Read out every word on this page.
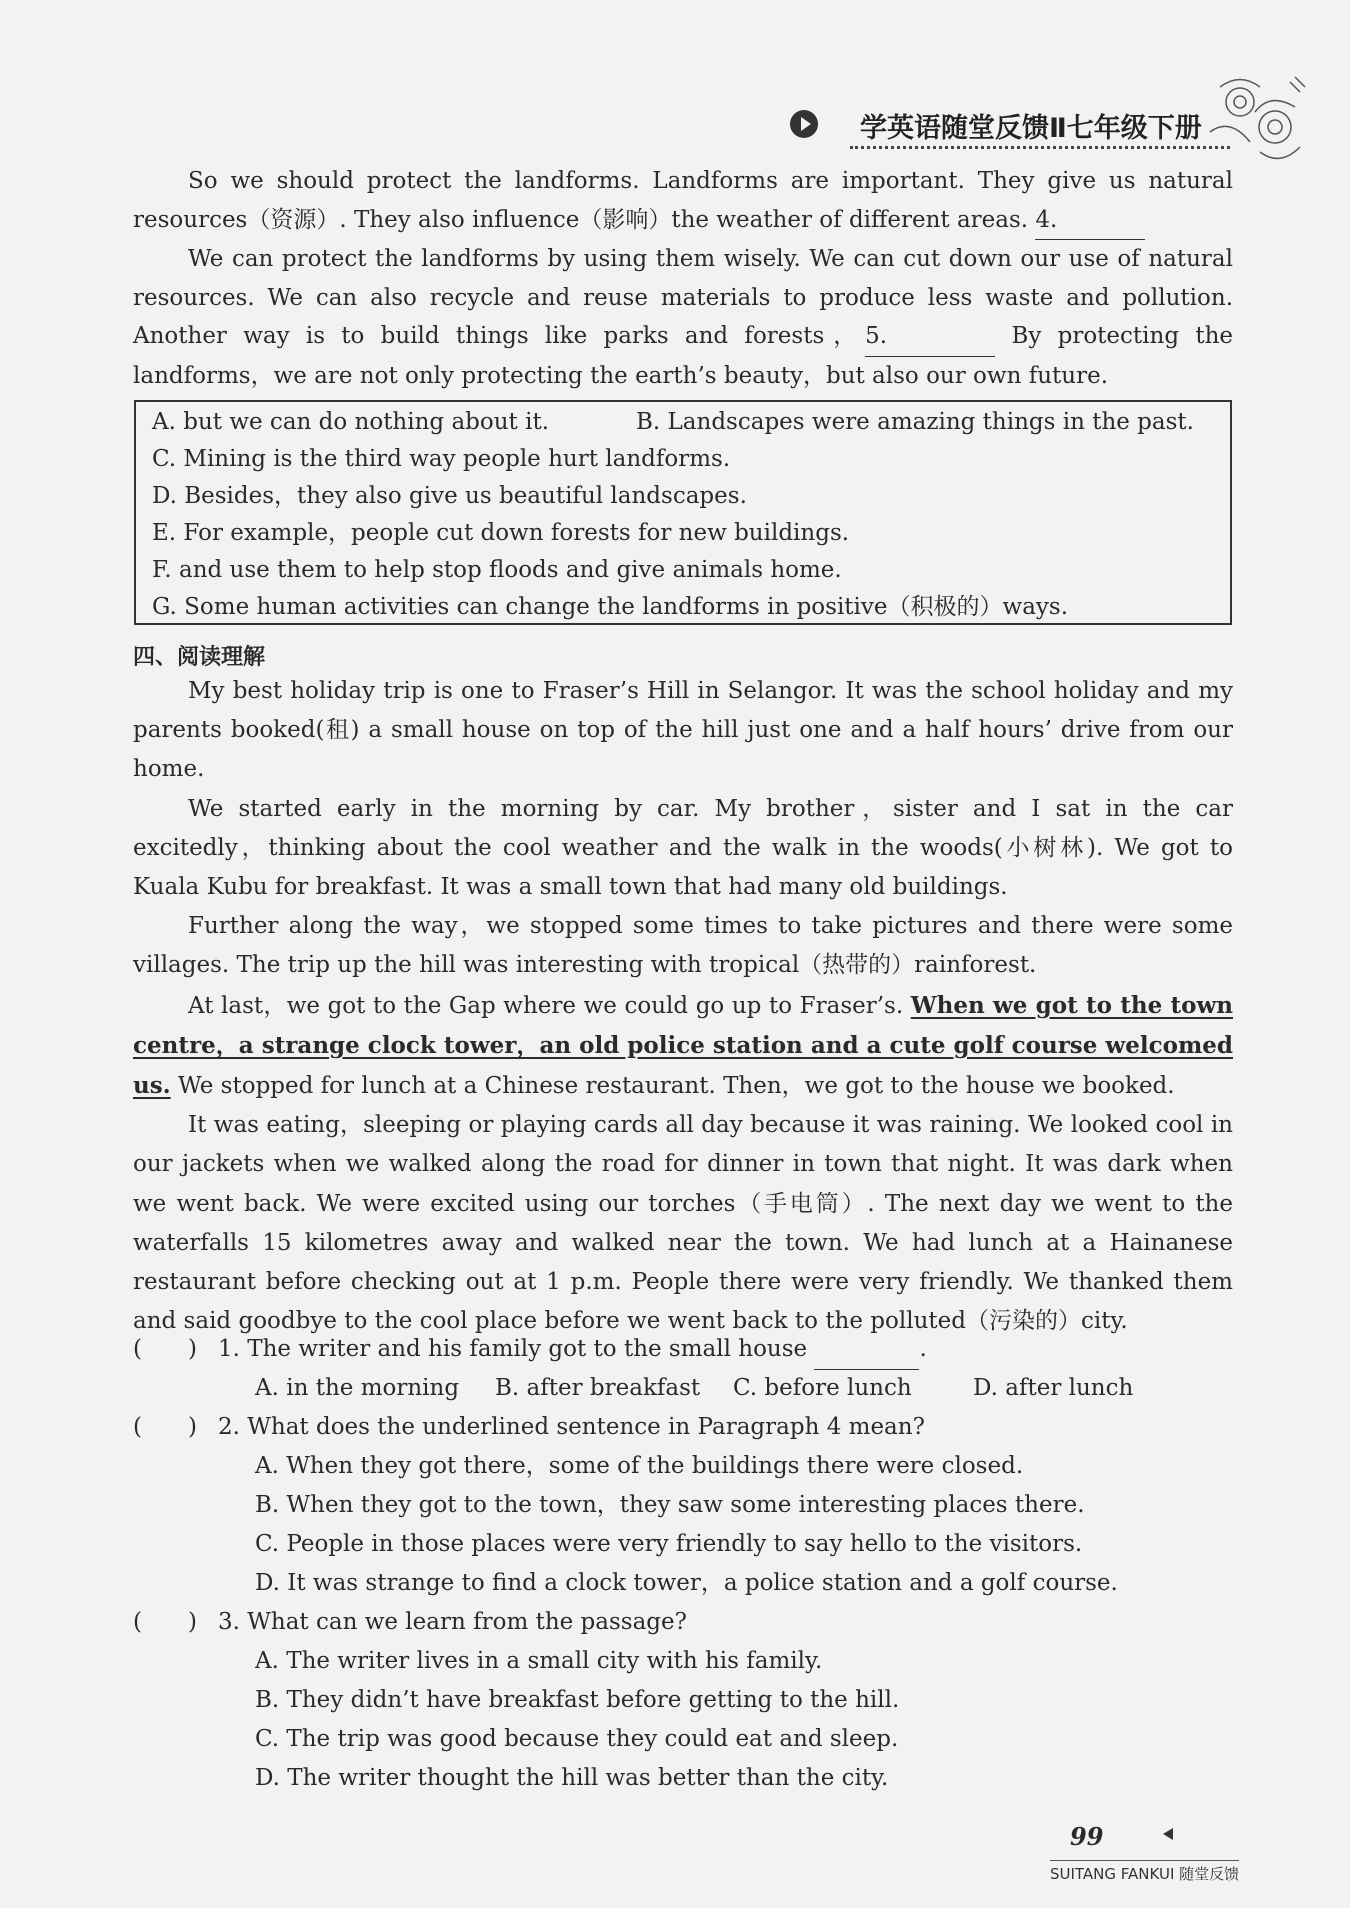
学英语随堂反馈Ⅱ七年级下册

So we should protect the landforms. Landforms are important. They give us natural resources（资源）. They also influence（影响）the weather of different areas. 4.

We can protect the landforms by using them wisely. We can cut down our use of natural resources. We can also recycle and reuse materials to produce less waste and pollution. Another way is to build things like parks and forests，5.	By protecting the landforms，we are not only protecting the earth’s beauty，but also our own future.

A. but we can do nothing about it.	B. Landscapes were amazing things in the past.
C. Mining is the third way people hurt landforms.
D. Besides，they also give us beautiful landscapes.
E. For example，people cut down forests for new buildings.
F. and use them to help stop floods and give animals home.
G. Some human activities can change the landforms in positive（积极的）ways.
四、阅读理解

My best holiday trip is one to Fraser’s Hill in Selangor. It was the school holiday and my parents booked(租) a small house on top of the hill just one and a half hours’ drive from our home.

We started early in the morning by car. My brother，sister and I sat in the car excitedly，thinking about the cool weather and the walk in the woods(小树林). We got to Kuala Kubu for breakfast. It was a small town that had many old buildings.

Further along the way，we stopped some times to take pictures and there were some villages. The trip up the hill was interesting with tropical（热带的）rainforest.

At last，we got to the Gap where we could go up to Fraser’s. When we got to the town centre，a strange clock tower，an old police station and a cute golf course welcomed us. We stopped for lunch at a Chinese restaurant. Then，we got to the house we booked.

It was eating，sleeping or playing cards all day because it was raining. We looked cool in our jackets when we walked along the road for dinner in town that night. It was dark when we went back. We were excited using our torches（手电筒）. The next day we went to the waterfalls 15 kilometres away and walked near the town. We had lunch at a Hainanese restaurant before checking out at 1 p.m. People there were very friendly. We thanked them and said goodbye to the cool place before we went back to the polluted（污染的）city.

(　　) 1. The writer and his family got to the small house	.
A. in the morning B. after breakfast C. before lunch	D. after lunch
(　　) 2. What does the underlined sentence in Paragraph 4 mean?
A. When they got there，some of the buildings there were closed.
B. When they got to the town，they saw some interesting places there.
C. People in those places were very friendly to say hello to the visitors.
D. It was strange to find a clock tower，a police station and a golf course.
(　　) 3. What can we learn from the passage?
A. The writer lives in a small city with his family.
B. They didn’t have breakfast before getting to the hill.
C. The trip was good because they could eat and sleep.
D. The writer thought the hill was better than the city.
99
SUITANG FANKUI 随堂反馈
